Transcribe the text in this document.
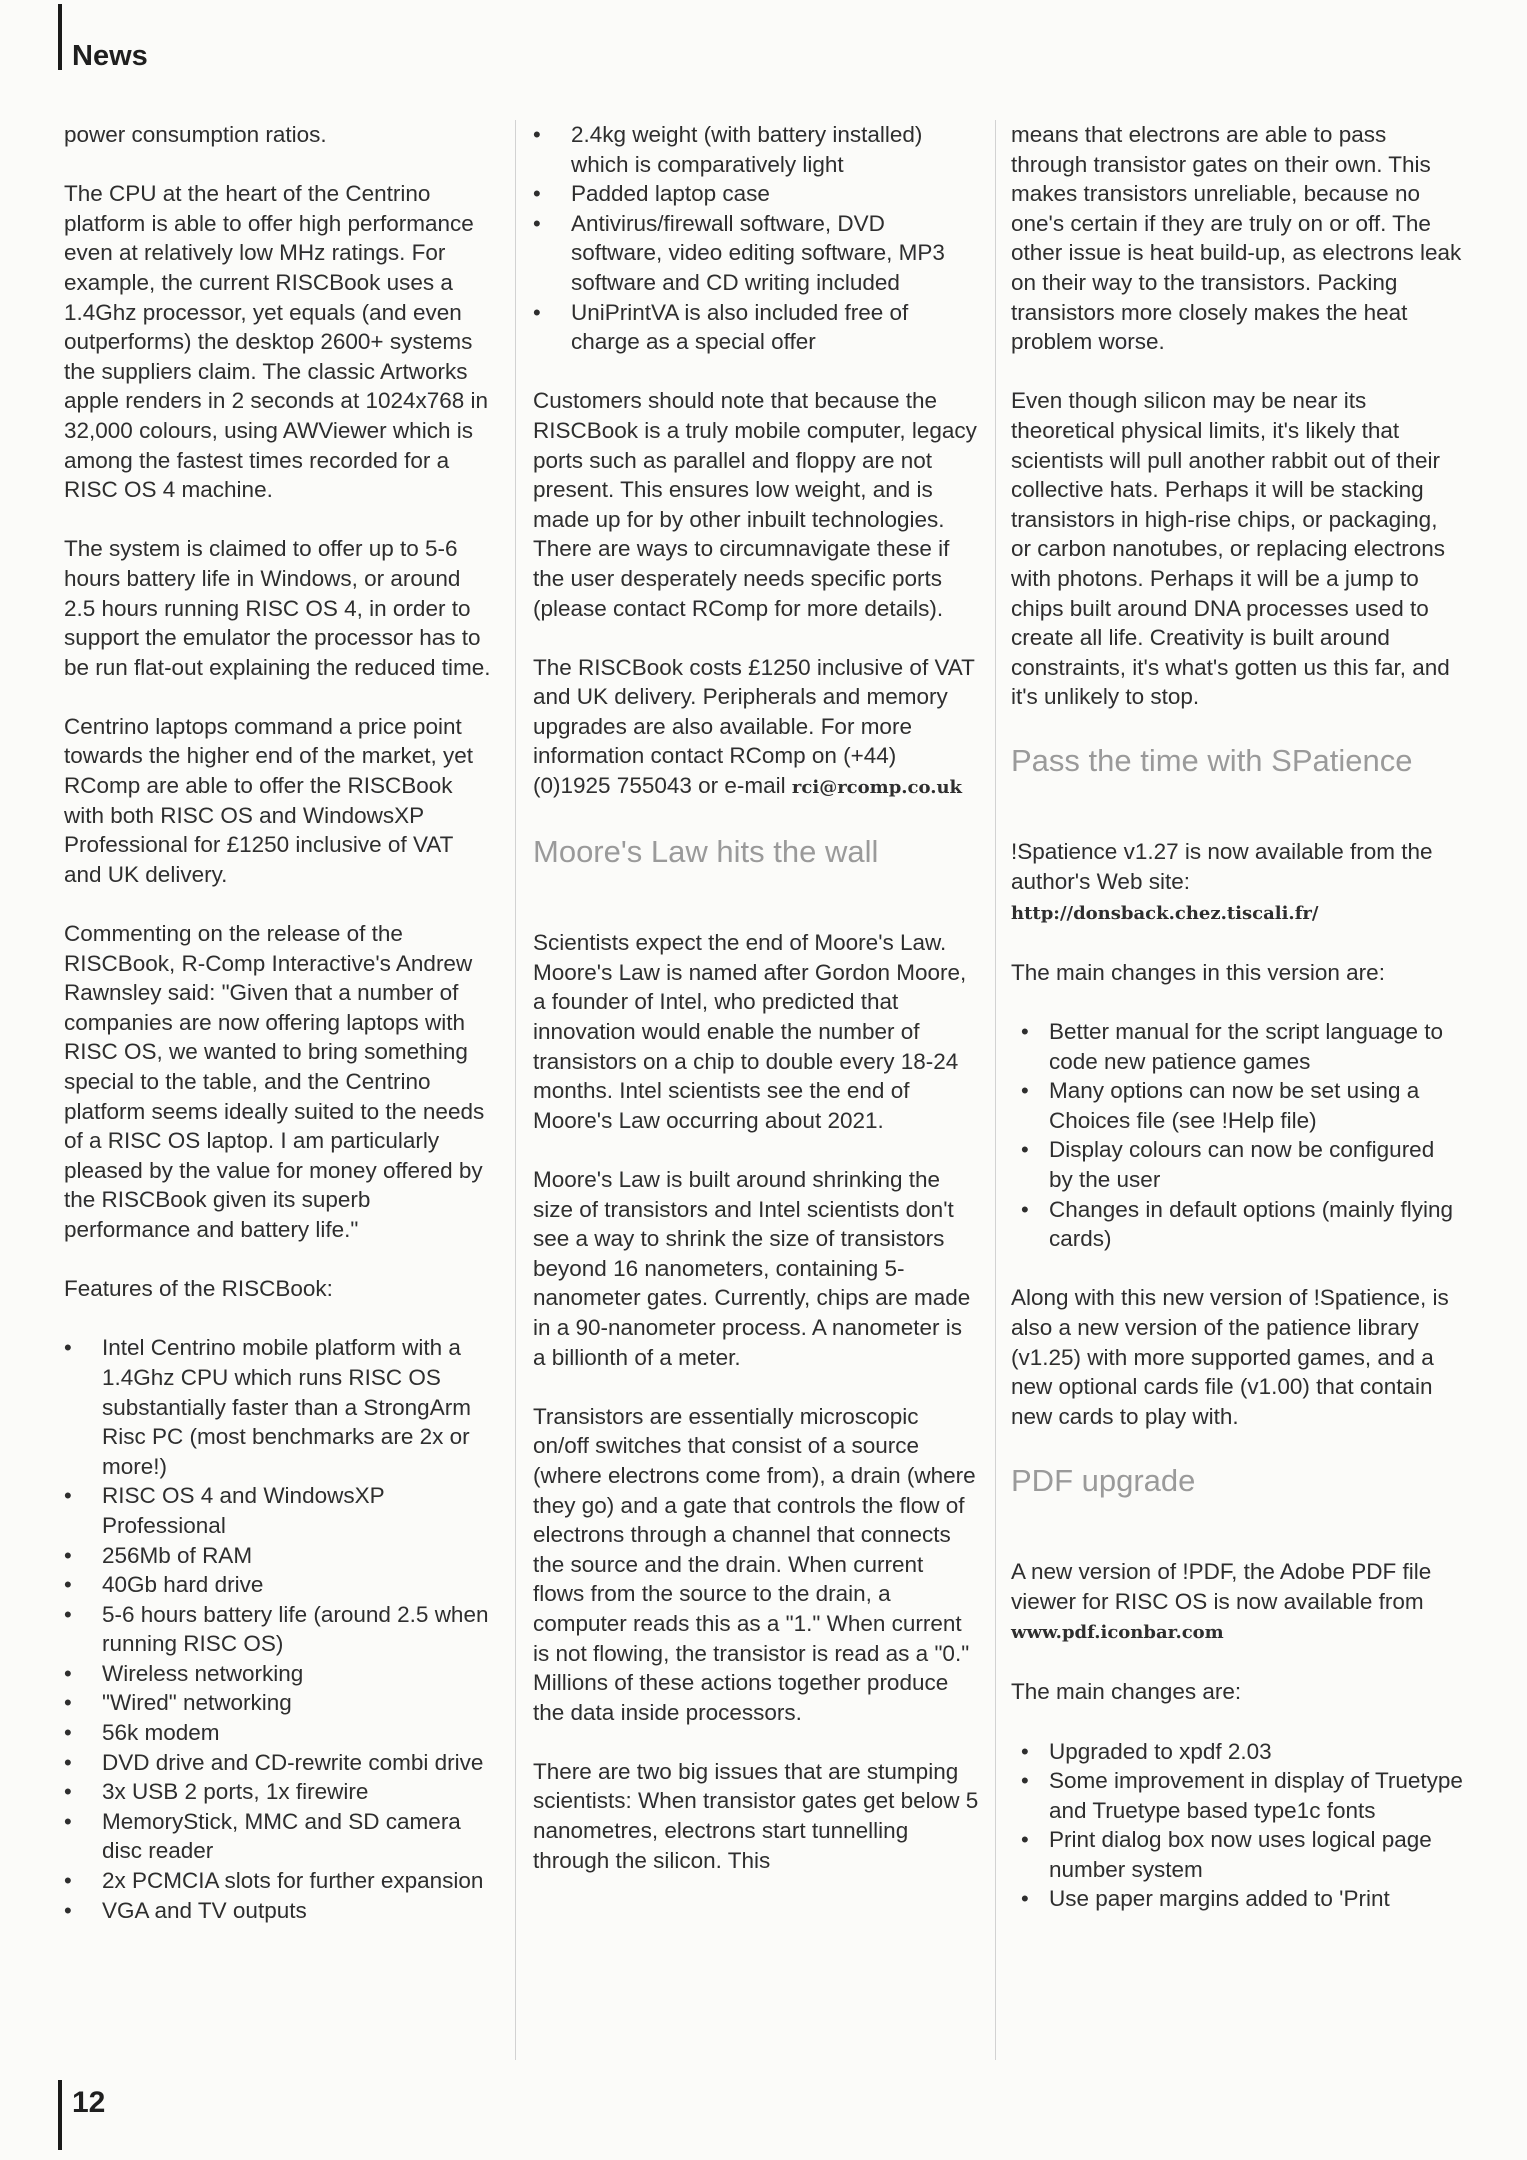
News

power consumption ratios.

The CPU at the heart of the Centrino platform is able to offer high performance even at relatively low MHz ratings. For example, the current RISCBook uses a 1.4Ghz processor, yet equals (and even outperforms) the desktop 2600+ systems the suppliers claim. The classic Artworks apple renders in 2 seconds at 1024x768 in 32,000 colours, using AWViewer which is among the fastest times recorded for a RISC OS 4 machine.

The system is claimed to offer up to 5-6 hours battery life in Windows, or around 2.5 hours running RISC OS 4, in order to support the emulator the processor has to be run flat-out explaining the reduced time.

Centrino laptops command a price point towards the higher end of the market, yet RComp are able to offer the RISCBook with both RISC OS and WindowsXP Professional for £1250 inclusive of VAT and UK delivery.

Commenting on the release of the RISCBook, R-Comp Interactive's Andrew Rawnsley said: "Given that a number of companies are now offering laptops with RISC OS, we wanted to bring something special to the table, and the Centrino platform seems ideally suited to the needs of a RISC OS laptop. I am particularly pleased by the value for money offered by the RISCBook given its superb performance and battery life."

Features of the RISCBook:

• Intel Centrino mobile platform with a 1.4Ghz CPU which runs RISC OS substantially faster than a StrongArm Risc PC (most benchmarks are 2x or more!)
• RISC OS 4 and WindowsXP Professional
• 256Mb of RAM
• 40Gb hard drive
• 5-6 hours battery life (around 2.5 when running RISC OS)
• Wireless networking
• "Wired" networking
• 56k modem
• DVD drive and CD-rewrite combi drive
• 3x USB 2 ports, 1x firewire
• MemoryStick, MMC and SD camera disc reader
• 2x PCMCIA slots for further expansion
• VGA and TV outputs
• 2.4kg weight (with battery installed) which is comparatively light
• Padded laptop case
• Antivirus/firewall software, DVD software, video editing software, MP3 software and CD writing included
• UniPrintVA is also included free of charge as a special offer

Customers should note that because the RISCBook is a truly mobile computer, legacy ports such as parallel and floppy are not present. This ensures low weight, and is made up for by other inbuilt technologies. There are ways to circumnavigate these if the user desperately needs specific ports (please contact RComp for more details).

The RISCBook costs £1250 inclusive of VAT and UK delivery. Peripherals and memory upgrades are also available. For more information contact RComp on (+44) (0)1925 755043 or e-mail rci@rcomp.co.uk

Moore's Law hits the wall

Scientists expect the end of Moore's Law. Moore's Law is named after Gordon Moore, a founder of Intel, who predicted that innovation would enable the number of transistors on a chip to double every 18-24 months. Intel scientists see the end of Moore's Law occurring about 2021.

Moore's Law is built around shrinking the size of transistors and Intel scientists don't see a way to shrink the size of transistors beyond 16 nanometers, containing 5-nanometer gates. Currently, chips are made in a 90-nanometer process. A nanometer is a billionth of a meter.

Transistors are essentially microscopic on/off switches that consist of a source (where electrons come from), a drain (where they go) and a gate that controls the flow of electrons through a channel that connects the source and the drain. When current flows from the source to the drain, a computer reads this as a "1." When current is not flowing, the transistor is read as a "0." Millions of these actions together produce the data inside processors.

There are two big issues that are stumping scientists: When transistor gates get below 5 nanometres, electrons start tunnelling through the silicon. This

means that electrons are able to pass through transistor gates on their own. This makes transistors unreliable, because no one's certain if they are truly on or off. The other issue is heat build-up, as electrons leak on their way to the transistors. Packing transistors more closely makes the heat problem worse.

Even though silicon may be near its theoretical physical limits, it's likely that scientists will pull another rabbit out of their collective hats. Perhaps it will be stacking transistors in high-rise chips, or packaging, or carbon nanotubes, or replacing electrons with photons. Perhaps it will be a jump to chips built around DNA processes used to create all life. Creativity is built around constraints, it's what's gotten us this far, and it's unlikely to stop.

Pass the time with SPatience

!Spatience v1.27 is now available from the author's Web site:
http://donsback.chez.tiscali.fr/

The main changes in this version are:

• Better manual for the script language to code new patience games
• Many options can now be set using a Choices file (see !Help file)
• Display colours can now be configured by the user
• Changes in default options (mainly flying cards)

Along with this new version of !Spatience, is also a new version of the patience library (v1.25) with more supported games, and a new optional cards file (v1.00) that contain new cards to play with.

PDF upgrade

A new version of !PDF, the Adobe PDF file viewer for RISC OS is now available from www.pdf.iconbar.com

The main changes are:

• Upgraded to xpdf 2.03
• Some improvement in display of Truetype and Truetype based type1c fonts
• Print dialog box now uses logical page number system
• Use paper margins added to 'Print
12
